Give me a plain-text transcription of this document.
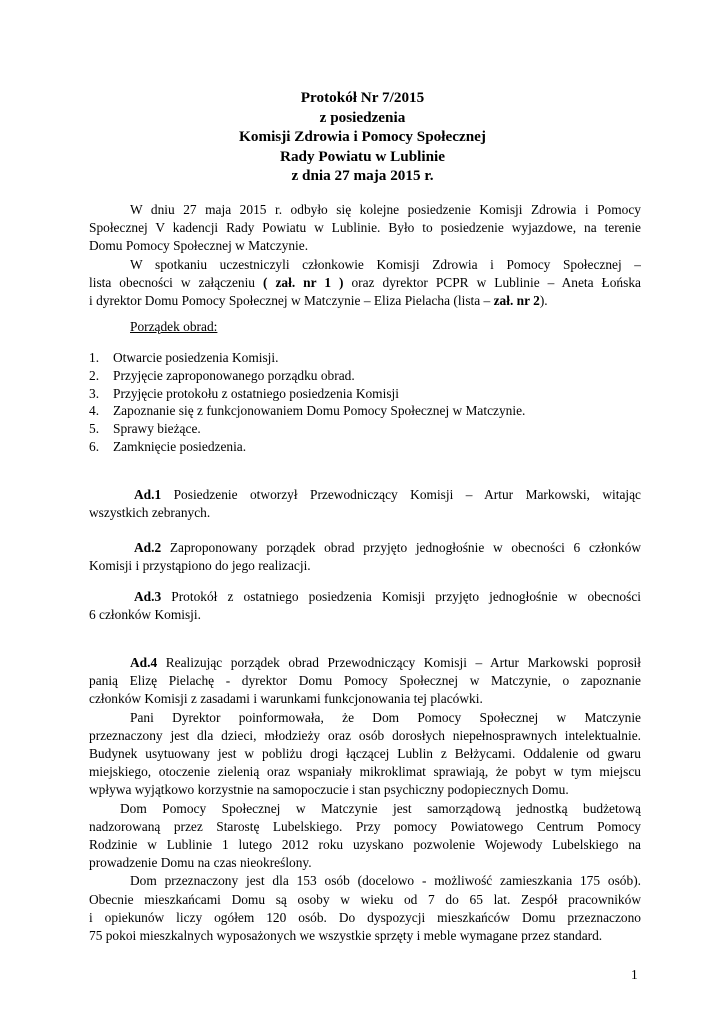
Protokół Nr 7/2015
z posiedzenia
Komisji Zdrowia i Pomocy Społecznej
Rady Powiatu w Lublinie
z dnia 27 maja 2015 r.
W dniu 27 maja 2015 r. odbyło się kolejne posiedzenie Komisji Zdrowia i Pomocy
Społecznej V kadencji Rady Powiatu w Lublinie. Było to posiedzenie wyjazdowe, na terenie
Domu Pomocy Społecznej w Matczynie.
W spotkaniu uczestniczyli członkowie Komisji Zdrowia i Pomocy Społecznej –
lista obecności w załączeniu ( zał. nr 1 ) oraz dyrektor PCPR w Lublinie – Aneta Łońska
i dyrektor Domu Pomocy Społecznej w Matczynie – Eliza Pielacha (lista – zał. nr 2).
Porządek obrad:
1.	Otwarcie posiedzenia Komisji.
2.	Przyjęcie zaproponowanego porządku obrad.
3.	Przyjęcie protokołu z ostatniego posiedzenia Komisji
4.	Zapoznanie się z funkcjonowaniem Domu Pomocy Społecznej w Matczynie.
5.	Sprawy bieżące.
6.	Zamknięcie posiedzenia.
Ad.1 Posiedzenie otworzył Przewodniczący Komisji – Artur Markowski, witając
wszystkich zebranych.
Ad.2 Zaproponowany porządek obrad przyjęto jednogłośnie w obecności 6 członków
Komisji i przystąpiono do jego realizacji.
Ad.3 Protokół z ostatniego posiedzenia Komisji przyjęto jednogłośnie w obecności
6 członków Komisji.
Ad.4 Realizując porządek obrad Przewodniczący Komisji – Artur Markowski poprosił
panią Elizę Pielachę - dyrektor Domu Pomocy Społecznej w Matczynie, o zapoznanie
członków Komisji z zasadami i warunkami funkcjonowania tej placówki.
Pani Dyrektor poinformowała, że Dom Pomocy Społecznej w Matczynie
przeznaczony jest dla dzieci, młodzieży oraz osób dorosłych niepełnosprawnych intelektualnie.
Budynek usytuowany jest w pobliżu drogi łączącej Lublin z Bełżycami. Oddalenie od gwaru
miejskiego, otoczenie zielenią oraz wspaniały mikroklimat sprawiają, że pobyt w tym miejscu
wpływa wyjątkowo korzystnie na samopoczucie i stan psychiczny podopiecznych Domu.
Dom Pomocy Społecznej w Matczynie jest samorządową jednostką budżetową
nadzorowaną przez Starostę Lubelskiego. Przy pomocy Powiatowego Centrum Pomocy
Rodzinie w Lublinie 1 lutego 2012 roku uzyskano pozwolenie Wojewody Lubelskiego na
prowadzenie Domu na czas nieokreślony.
Dom przeznaczony jest dla 153 osób (docelowo - możliwość zamieszkania 175 osób).
Obecnie mieszkańcami Domu są osoby w wieku od 7 do 65 lat. Zespół pracowników
i opiekunów liczy ogółem 120 osób. Do dyspozycji mieszkańców Domu przeznaczono
75 pokoi mieszkalnych wyposażonych we wszystkie sprzęty i meble wymagane przez standard.
1
